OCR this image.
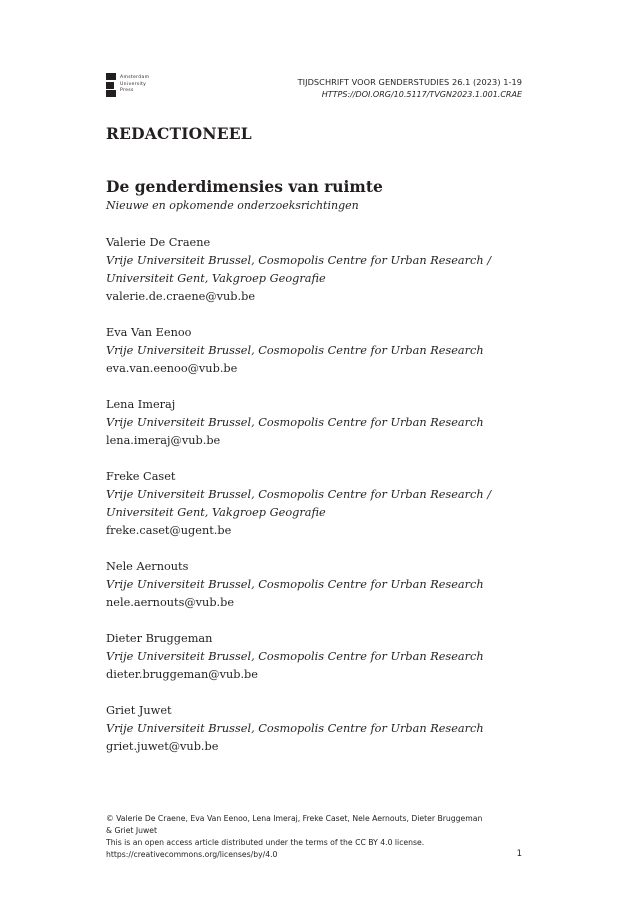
Amsterdam
University
Press
TIJDSCHRIFT VOOR GENDERSTUDIES 26.1 (2023) 1-19
HTTPS://DOI.ORG/10.5117/TVGN2023.1.001.CRAE
REDACTIONEEL
De genderdimensies van ruimte
Nieuwe en opkomende onderzoeksrichtingen
Valerie De Craene
Vrije Universiteit Brussel, Cosmopolis Centre for Urban Research /
Universiteit Gent, Vakgroep Geografie
valerie.de.craene@vub.be
Eva Van Eenoo
Vrije Universiteit Brussel, Cosmopolis Centre for Urban Research
eva.van.eenoo@vub.be
Lena Imeraj
Vrije Universiteit Brussel, Cosmopolis Centre for Urban Research
lena.imeraj@vub.be
Freke Caset
Vrije Universiteit Brussel, Cosmopolis Centre for Urban Research /
Universiteit Gent, Vakgroep Geografie
freke.caset@ugent.be
Nele Aernouts
Vrije Universiteit Brussel, Cosmopolis Centre for Urban Research
nele.aernouts@vub.be
Dieter Bruggeman
Vrije Universiteit Brussel, Cosmopolis Centre for Urban Research
dieter.bruggeman@vub.be
Griet Juwet
Vrije Universiteit Brussel, Cosmopolis Centre for Urban Research
griet.juwet@vub.be
© Valerie De Craene, Eva Van Eenoo, Lena Imeraj, Freke Caset, Nele Aernouts, Dieter Bruggeman
& Griet Juwet
This is an open access article distributed under the terms of the CC BY 4.0 license.
https://creativecommons.org/licenses/by/4.0	1
